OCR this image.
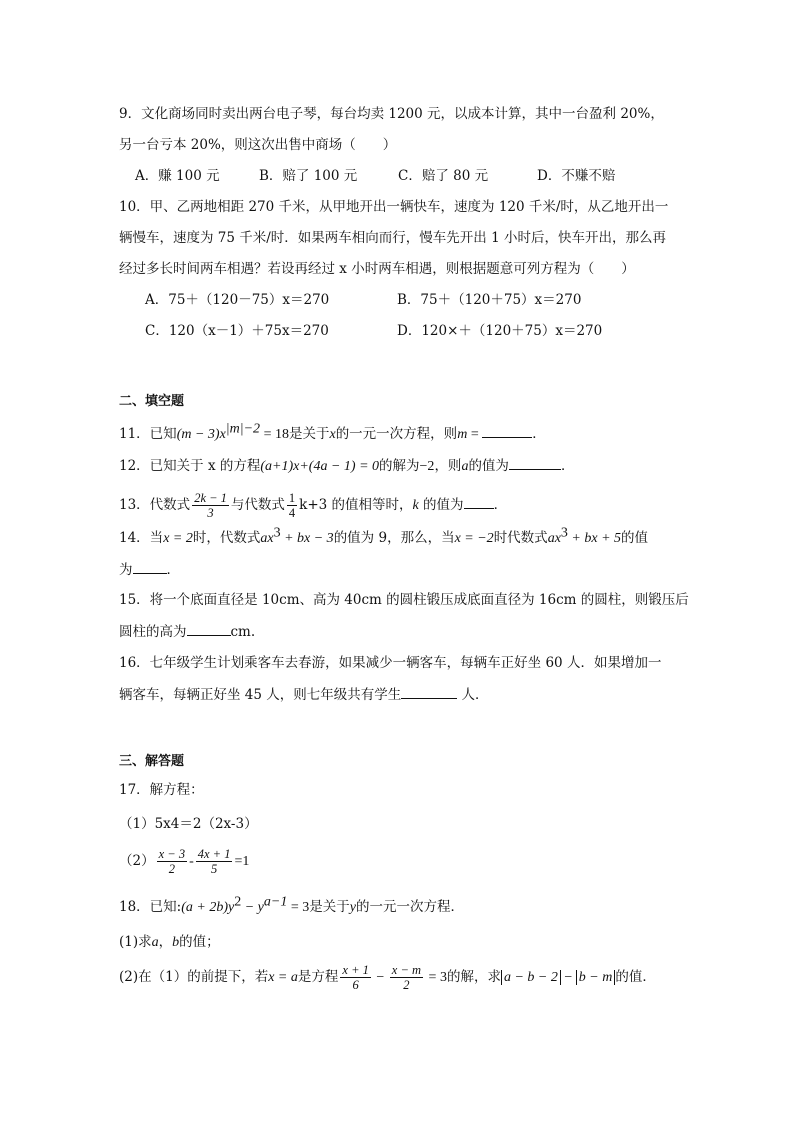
9．文化商场同时卖出两台电子琴，每台均卖 1200 元，以成本计算，其中一台盈利 20%，
另一台亏本 20%，则这次出售中商场（　　）
A．赚 100 元	B．赔了 100 元	C．赔了 80 元	D．不赚不赔
10．甲、乙两地相距 270 千米，从甲地开出一辆快车，速度为 120 千米/时，从乙地开出一
辆慢车，速度为 75 千米/时．如果两车相向而行，慢车先开出 1 小时后，快车开出，那么再
经过多长时间两车相遇？若设再经过 x 小时两车相遇，则根据题意可列方程为（　　）
A．75＋（120－75）x＝270	B．75＋（120＋75）x＝270
C．120（x－1）＋75x＝270	D．120×＋（120＋75）x＝270
二、填空题
11．已知$(m - 3)x^{|m|-2} = 18$是关于x的一元一次方程，则m =	．
12．已知关于 x 的方程(a+1)x+(4a − 1) = 0的解为−2，则a的值为	．
13．代数式 $\frac{2k - 1}{3}$ 与代数式 $\frac{1}{4} k+3$ 的值相等时，k 的值为 ．
14．当x = 2时，代数式$ax^3$ + bx − 3的值为 9，那么，当x = −2时代数式$ax^3$ + bx + 5的值
为	．
15．将一个底面直径是 10cm、高为 40cm 的圆柱锻压成底面直径为 16cm 的圆柱，则锻压后
圆柱的高为	cm.
16．七年级学生计划乘客车去春游，如果减少一辆客车，每辆车正好坐 60 人．如果增加一
辆客车，每辆正好坐 45 人，则七年级共有学生	人．
三、解答题
17．解方程：
（1）5x4＝2（2x-3）
$(2) \frac{x - 3}{2} - \frac{4x + 1}{5} =1$
18．已知:(a + $2b)y^2 - y^{a-1} = 3$是关于y的一元一次方程．
(1)求a，b的值；
(2)在（1）的前提下，若x = a是方程 $\frac{x + 1}{6} - \frac{x - m}{2} = 3$的解，求 a − b − 2 − b − m 的值．
